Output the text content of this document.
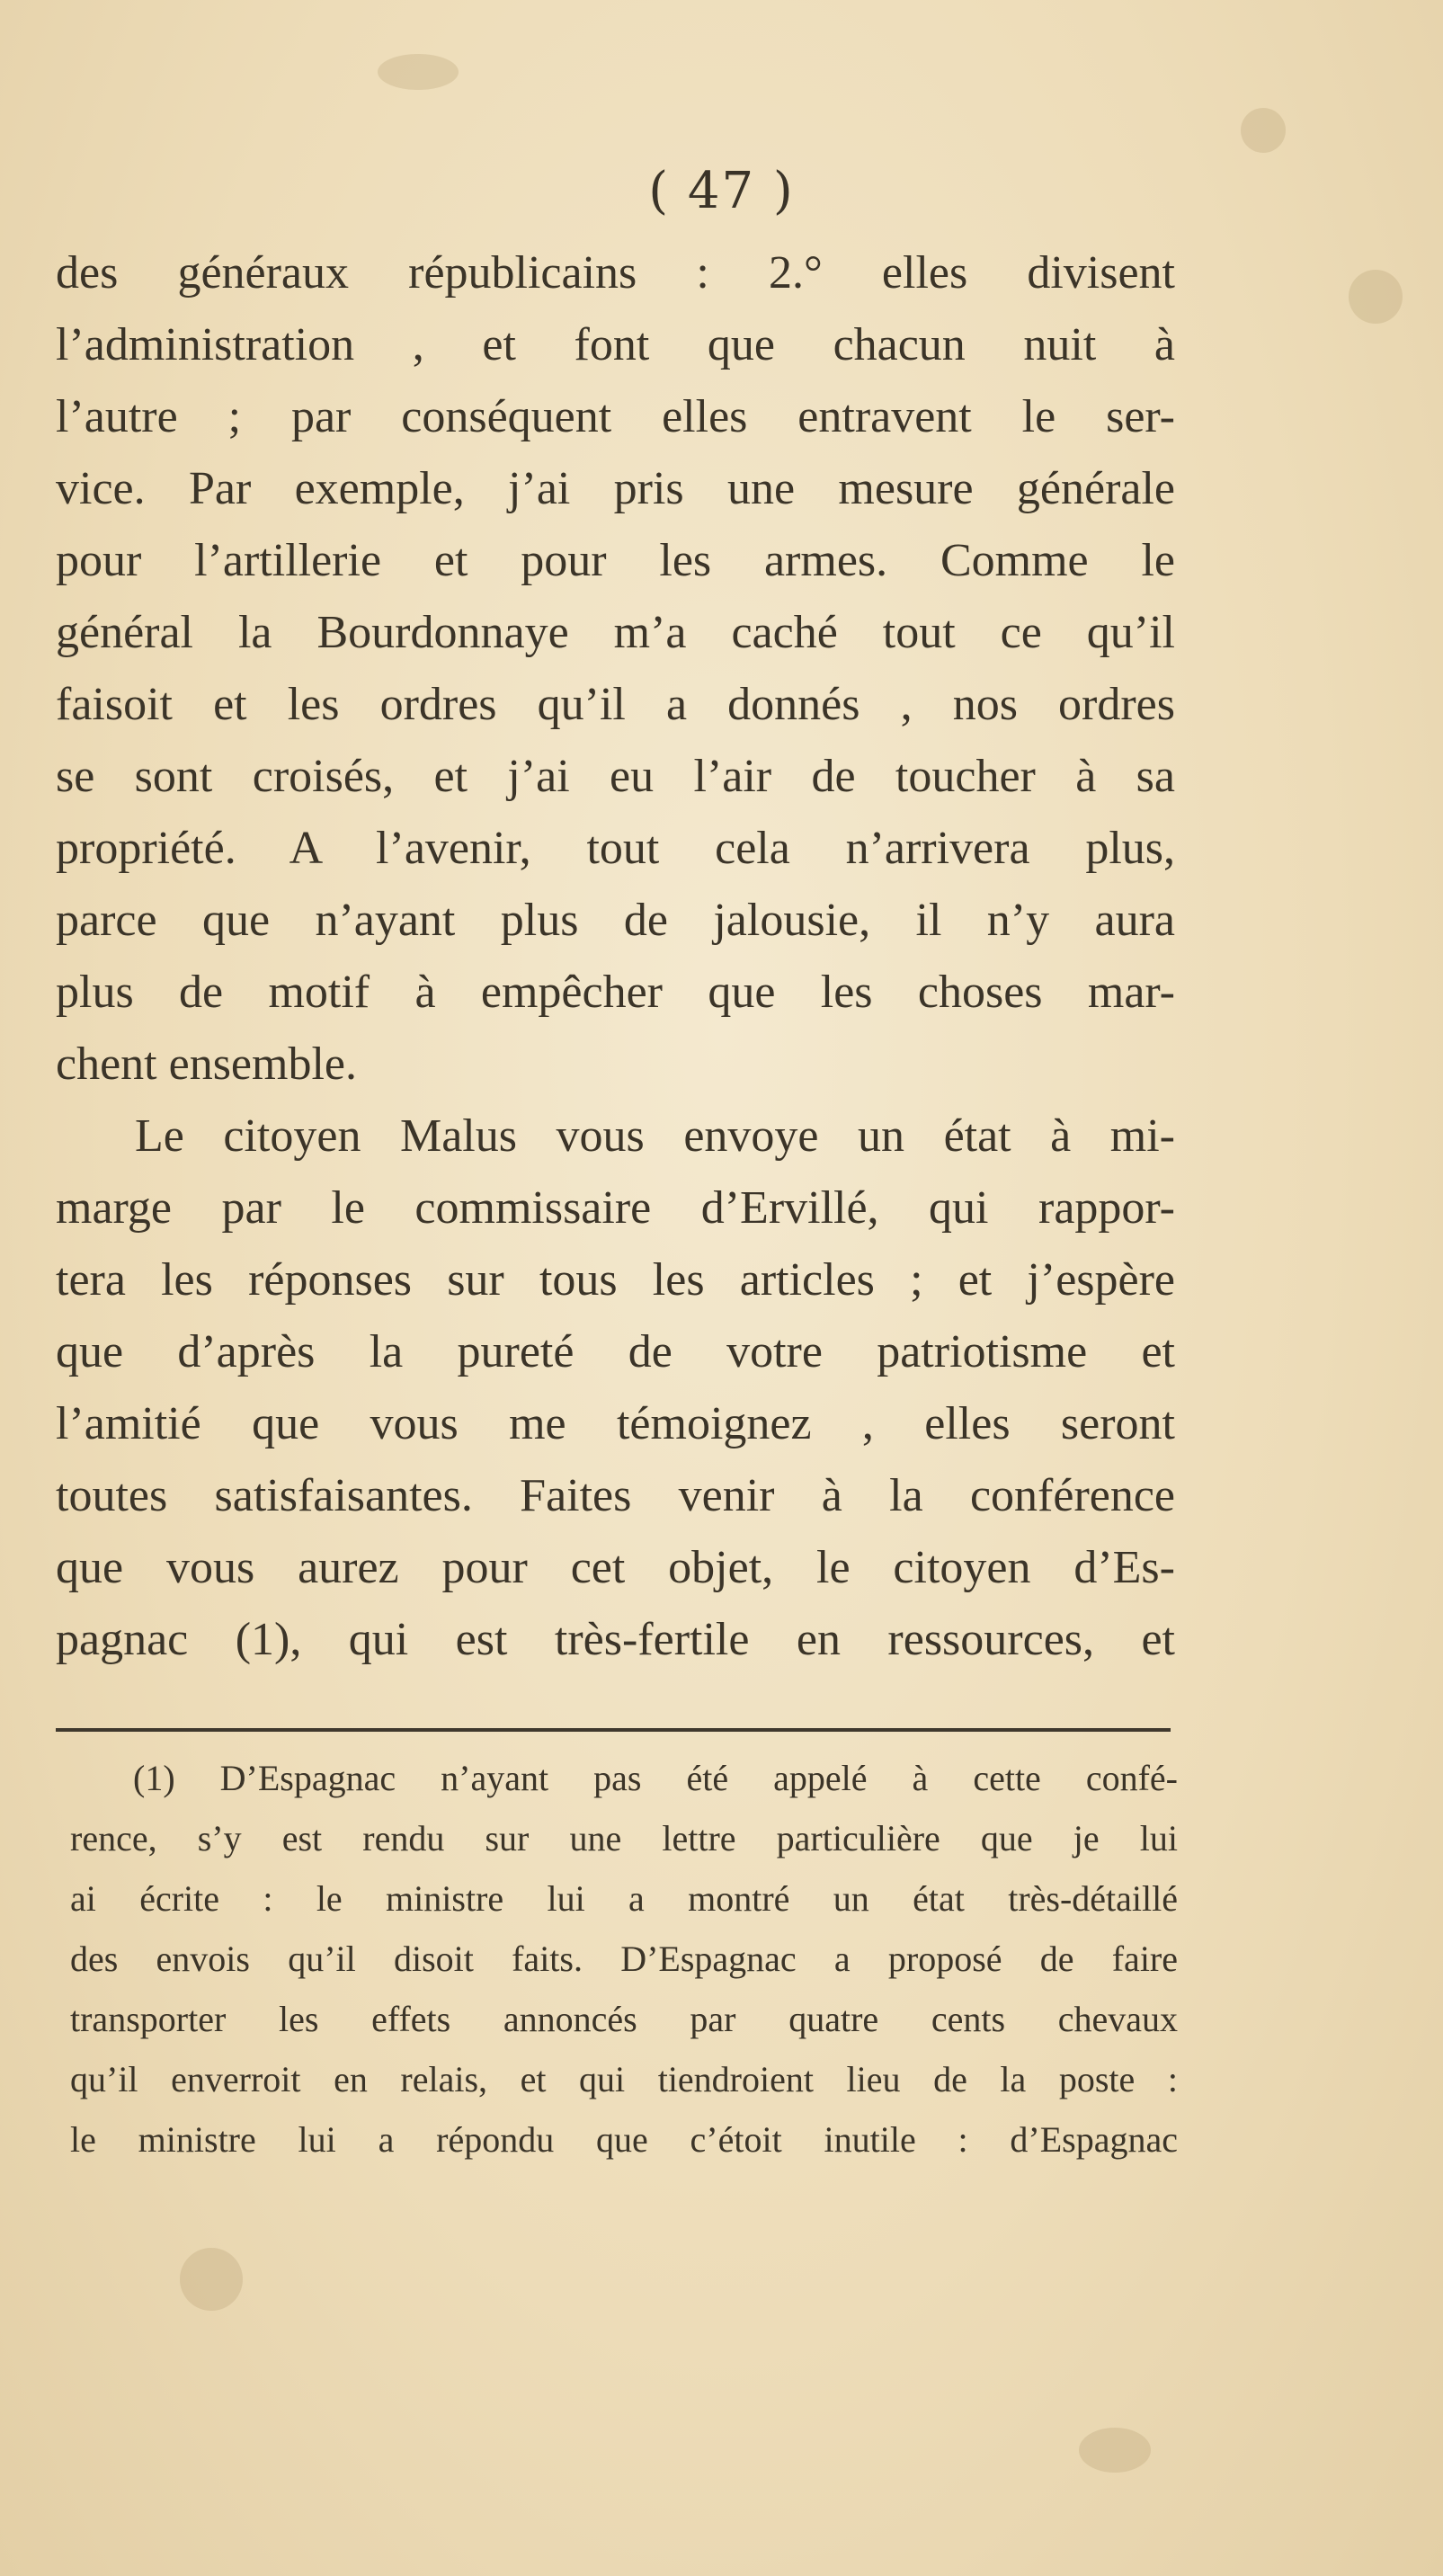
( 47 )
des généraux républicains : 2.° elles divisent
l’administration , et font que chacun nuit à
l’autre ; par conséquent elles entravent le ser-
vice. Par exemple, j’ai pris une mesure générale
pour l’artillerie et pour les armes. Comme le
général la Bourdonnaye m’a caché tout ce qu’il
faisoit et les ordres qu’il a donnés , nos ordres
se sont croisés, et j’ai eu l’air de toucher à sa
propriété. A l’avenir, tout cela n’arrivera plus,
parce que n’ayant plus de jalousie, il n’y aura
plus de motif à empêcher que les choses mar-
chent ensemble.
Le citoyen Malus vous envoye un état à mi-
marge par le commissaire d’Ervillé, qui rappor-
tera les réponses sur tous les articles ; et j’espère
que d’après la pureté de votre patriotisme et
l’amitié que vous me témoignez , elles seront
toutes satisfaisantes. Faites venir à la conférence
que vous aurez pour cet objet, le citoyen d’Es-
pagnac (1), qui est très-fertile en ressources, et
(1) D’Espagnac n’ayant pas été appelé à cette confé-
rence, s’y est rendu sur une lettre particulière que je lui
ai écrite : le ministre lui a montré un état très-détaillé
des envois qu’il disoit faits. D’Espagnac a proposé de faire
transporter les effets annoncés par quatre cents chevaux
qu’il enverroit en relais, et qui tiendroient lieu de la poste :
le ministre lui a répondu que c’étoit inutile : d’Espagnac
